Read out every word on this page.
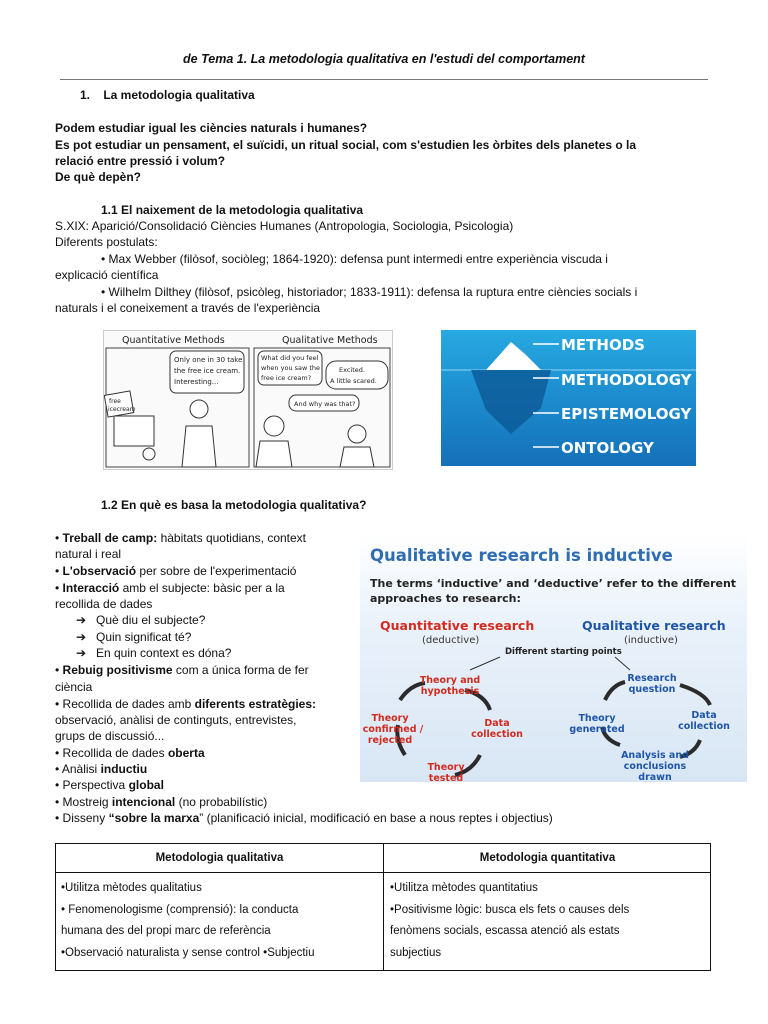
de Tema 1. La metodologia qualitativa en l'estudi del comportament
1.    La metodologia qualitativa
Podem estudiar igual les ciències naturals i humanes?
Es pot estudiar un pensament, el suïcidi, un ritual social, com s'estudien les òrbites dels planetes o la
relació entre pressió i volum?
De què depèn?
1.1 El naixement de la metodologia qualitativa
S.XIX: Aparició/Consolidació Ciències Humanes (Antropologia, Sociologia, Psicologia)
Diferents postulats:
• Max Webber (filòsof, sociòleg; 1864-1920): defensa punt intermedi entre experiència viscuda i
explicació científica
• Wilhelm Dilthey (filòsof, psicòleg, historiador; 1833-1911): defensa la ruptura entre ciències socials i
naturals i el coneixement a través de l'experiència
Quantitative Methods	Qualitative Methods
Only one in 30 take
the free ice cream.
Interesting...
free
icecream
What did you feel
when you saw the
free ice cream?
Excited.
A little scared.
And why was that?
METHODS
METHODOLOGY
EPISTEMOLOGY
ONTOLOGY
1.2 En què es basa la metodologia qualitativa?
• Treball de camp: hàbitats quotidians, context
natural i real
• L'observació per sobre de l'experimentació
• Interacció amb el subjecte: bàsic per a la
recollida de dades
➔ Què diu el subjecte?
➔ Quin significat té?
➔ En quin context es dóna?
• Rebuig positivisme com a única forma de fer
ciència
• Recollida de dades amb diferents estratègies:
observació, anàlisi de continguts, entrevistes,
grups de discussió...
• Recollida de dades oberta
• Anàlisi inductiu
• Perspectiva global
• Mostreig intencional (no probabilístic)
• Disseny “sobre la marxa” (planificació inicial, modificació en base a nous reptes i objectius)
Qualitative research is inductive
The terms ‘inductive’ and ‘deductive’ refer to the different
approaches to research:
Quantitative research
(deductive)
Qualitative research
(inductive)
Different starting points
Theory and
hypothesis
Data
collection
Theory
confirmed /
rejected
Theory
tested
Research
question
Data
collection
Theory
generated
Analysis and
conclusions
drawn
Metodologia qualitativa	Metodologia quantitativa
•Utilitza mètodes qualitatius
• Fenomenologisme (comprensió): la conducta
humana des del propi marc de referència
•Observació naturalista y sense control •Subjectiu
•Utilitza mètodes quantitatius
•Positivisme lògic: busca els fets o causes dels
fenòmens socials, escassa atenció als estats
subjectius
